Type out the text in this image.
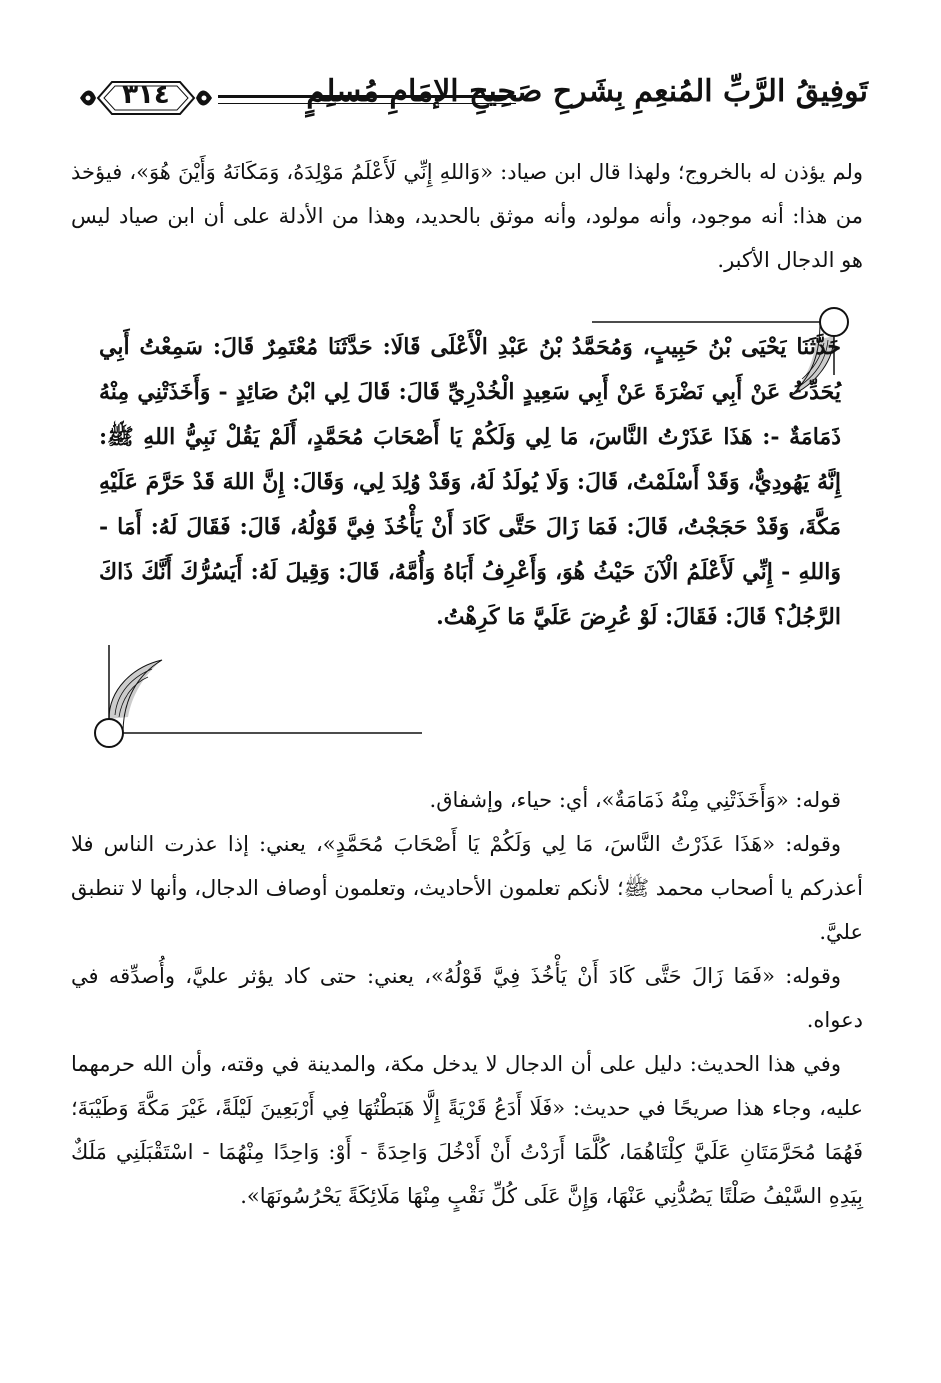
تَوفِيقُ الرَّبِّ المُنعِمِ بِشَرحِ صَحِيحِ الإمَامِ مُسلِمٍ
٣١٤

ولم يؤذن له بالخروج؛ ولهذا قال ابن صياد: «وَاللهِ إِنِّي لَأَعْلَمُ مَوْلِدَهُ، وَمَكَانَهُ وَأَيْنَ هُوَ»، فيؤخذ من هذا: أنه موجود، وأنه مولود، وأنه موثق بالحديد، وهذا من الأدلة على أن ابن صياد ليس هو الدجال الأكبر.

حَدَّثَنَا يَحْيَى بْنُ حَبِيبٍ، وَمُحَمَّدُ بْنُ عَبْدِ الْأَعْلَى قَالَا: حَدَّثَنَا مُعْتَمِرٌ قَالَ: سَمِعْتُ أَبِي يُحَدِّثُ عَنْ أَبِي نَضْرَةَ عَنْ أَبِي سَعِيدٍ الْخُدْرِيِّ قَالَ: قَالَ لِي ابْنُ صَائِدٍ - وَأَخَذَتْنِي مِنْهُ ذَمَامَةٌ -: هَذَا عَذَرْتُ النَّاسَ، مَا لِي وَلَكُمْ يَا أَصْحَابَ مُحَمَّدٍ، أَلَمْ يَقُلْ نَبِيُّ اللهِ ﷺ: إِنَّهُ يَهُودِيٌّ، وَقَدْ أَسْلَمْتُ، قَالَ: وَلَا يُولَدُ لَهُ، وَقَدْ وُلِدَ لِي، وَقَالَ: إِنَّ اللهَ قَدْ حَرَّمَ عَلَيْهِ مَكَّةَ، وَقَدْ حَجَجْتُ، قَالَ: فَمَا زَالَ حَتَّى كَادَ أَنْ يَأْخُذَ فِيَّ قَوْلُهُ، قَالَ: فَقَالَ لَهُ: أَمَا - وَاللهِ - إِنِّي لَأَعْلَمُ الْآنَ حَيْثُ هُوَ، وَأَعْرِفُ أَبَاهُ وَأُمَّهُ، قَالَ: وَقِيلَ لَهُ: أَيَسُرُّكَ أَنَّكَ ذَاكَ الرَّجُلُ؟ قَالَ: فَقَالَ: لَوْ عُرِضَ عَلَيَّ مَا كَرِهْتُ.

قوله: «وَأَخَذَتْنِي مِنْهُ ذَمَامَةٌ»، أي: حياء، وإشفاق.

وقوله: «هَذَا عَذَرْتُ النَّاسَ، مَا لِي وَلَكُمْ يَا أَصْحَابَ مُحَمَّدٍ»، يعني: إذا عذرت الناس فلا أعذركم يا أصحاب محمد ﷺ؛ لأنكم تعلمون الأحاديث، وتعلمون أوصاف الدجال، وأنها لا تنطبق عليَّ.

وقوله: «فَمَا زَالَ حَتَّى كَادَ أَنْ يَأْخُذَ فِيَّ قَوْلُهُ»، يعني: حتى كاد يؤثر عليَّ، وأُصدِّقه في دعواه.

وفي هذا الحديث: دليل على أن الدجال لا يدخل مكة، والمدينة في وقته، وأن الله حرمهما عليه، وجاء هذا صريحًا في حديث: «فَلَا أَدَعُ قَرْيَةً إِلَّا هَبَطْتُهَا فِي أَرْبَعِينَ لَيْلَةً، غَيْرَ مَكَّةَ وَطَيْبَةَ؛ فَهُمَا مُحَرَّمَتَانِ عَلَيَّ كِلْتَاهُمَا، كُلَّمَا أَرَدْتُ أَنْ أَدْخُلَ وَاحِدَةً - أَوْ: وَاحِدًا مِنْهُمَا - اسْتَقْبَلَنِي مَلَكٌ بِيَدِهِ السَّيْفُ صَلْتًا يَصُدُّنِي عَنْهَا، وَإِنَّ عَلَى كُلِّ نَقْبٍ مِنْهَا مَلَائِكَةً يَحْرُسُونَهَا».
